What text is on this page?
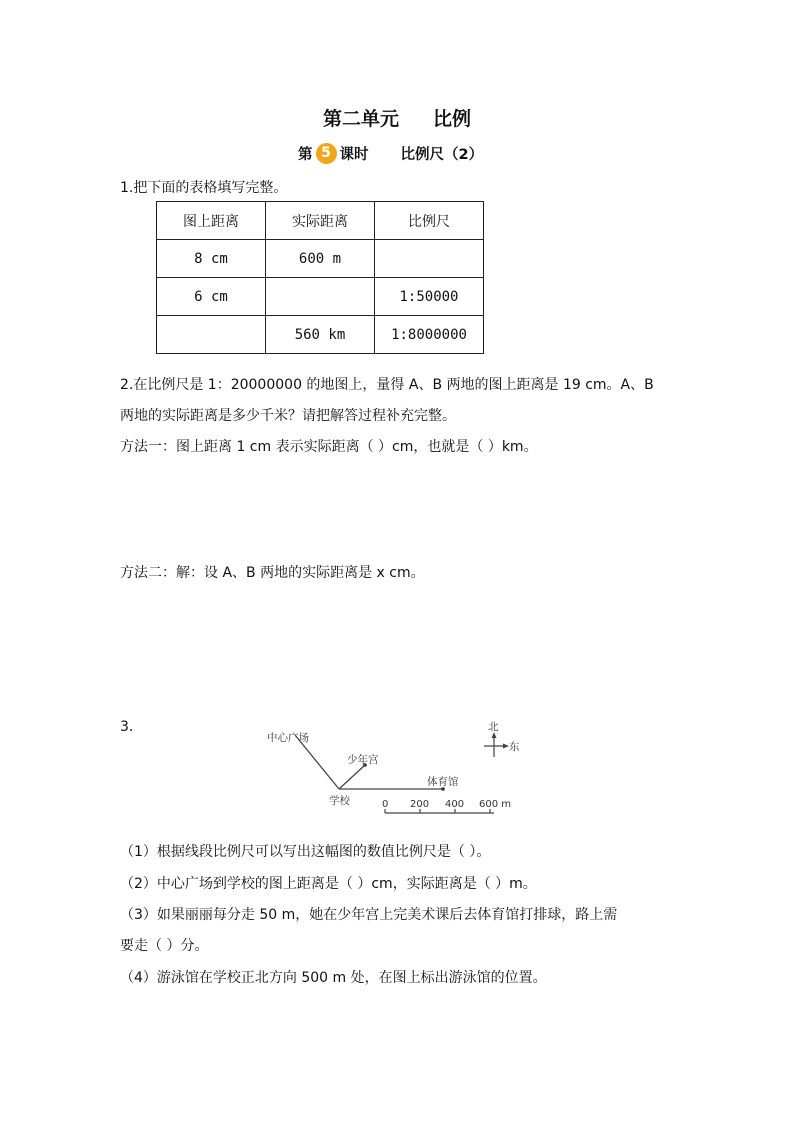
第二单元 比例
第 5 课时 比例尺（2）
1.把下面的表格填写完整。
图上距离	实际距离	比例尺
8 cm	600 m	
6 cm		1:50000
	560 km	1:8000000
2.在比例尺是 1：20000000 的地图上，量得 A、B 两地的图上距离是 19 cm。A、B
两地的实际距离是多少千米？请把解答过程补充完整。
方法一：图上距离 1 cm 表示实际距离（ ）cm，也就是（ ）km。
方法二：解：设 A、B 两地的实际距离是 x cm。
3.
中心广场
少年宫
体育馆
学校
北
东
0 200 400 600 m
（1）根据线段比例尺可以写出这幅图的数值比例尺是（ ）。
（2）中心广场到学校的图上距离是（ ）cm，实际距离是（ ）m。
（3）如果丽丽每分走 50 m，她在少年宫上完美术课后去体育馆打排球，路上需
要走（ ）分。
（4）游泳馆在学校正北方向 500 m 处，在图上标出游泳馆的位置。
